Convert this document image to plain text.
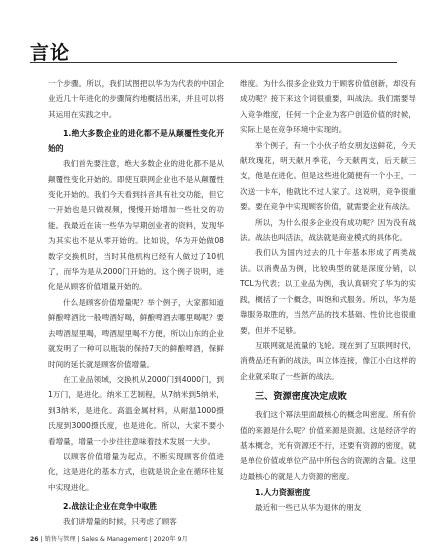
言论

一个步骤。所以，我们试图把以华为为代表的中国企业近几十年进化的步骤简约地概括出来，并且可以将其运用在实践之中。

1.绝大多数企业的进化都不是从颠覆性变化开始的

我们首先要注意，绝大多数企业的进化都不是从颠覆性变化开始的。即使互联网企业也不是从颠覆性变化开始的。我们今天看到抖音具有社交功能，但它一开始也是只做视频，慢慢开始增加一些社交的功能。我最近在读一些华为早期创业者的资料，发现华为其实也不是从零开始的。比如说，华为开始做08数字交换机时，当时其他机构已经有人做过了10机了，而华为是从2000门开始的。这个例子说明，进化是从顾客价值增量开始的。

什么是顾客价值增量呢？举个例子，大家都知道鲜酿啤酒比一般啤酒好喝，鲜酿啤酒去哪里喝呢？要去啤酒屋里喝，啤酒屋里喝不方便，所以山东的企业就发明了一种可以瓶装的保持7天的鲜酿啤酒，保鲜时间的延长就是顾客价值增量。

在工业品领域，交换机从2000门到4000门，到1万门，是进化。纳米工艺制程，从7纳米到5纳米，到3纳米，是进化。高温金属材料，从耐温1000摄氏度到3000摄氏度，也是进化。所以，大家不要小看增量，增量一小步往往意味着技术发展一大步。

以顾客价值增量为起点，不断实现顾客价值进化，这是进化的基本方式，也就是说企业在循环往复中实现进化。

2.战法让企业在竞争中取胜

我们讲增量的时候，只考虑了顾客

维度。为什么很多企业致力于顾客价值创新，却没有成功呢？接下来这个词很重要，叫战法。我们需要导入竞争维度，任何一个企业为客户创造价值的时候，实际上是在竞争环境中实现的。

举个例子，有一个小伙子给女朋友送鲜花，今天献玫瑰花，明天献月季花，今天献两支，后天献三支，他是在进化。但是这些进化随便有一个小王，一次送一卡车，他就比不过人家了。这说明，竞争很重要。要在竞争中实现顾客价值，就需要企业有战法。

所以，为什么很多企业没有成功呢？因为没有战法。战法也叫活法，战法就是商业模式的具体化。

我们认为国内过去的几十年基本形成了两类战法。以消费品为例，比较典型的就是深度分销，以TCL为代表；以工业品为例，我认真研究了华为的实践，概括了一个概念，叫饱和式服务。所以，华为是靠服务取胜的，当然产品的技术基础、性价比也很重要，但并不足够。

互联网就是流量的飞轮。现在到了互联网时代，消费品还有新的战法，叫立体连接，像江小白这样的企业就采取了一些新的战法。

三、资源密度决定成败

我们这个幂法里面最核心的概念叫密度。所有价值的来源是什么呢？价值来源是资源。这是经济学的基本概念，光有资源还不行，还要有资源的密度，就是单位价值或单位产品中所包含的资源的含量。这里边最核心的就是人力资源的密度。

1.人力资源密度

最近和一些已从华为退休的朋友

26 | 销售与管理 | Sales & Management | 2020年 9月
